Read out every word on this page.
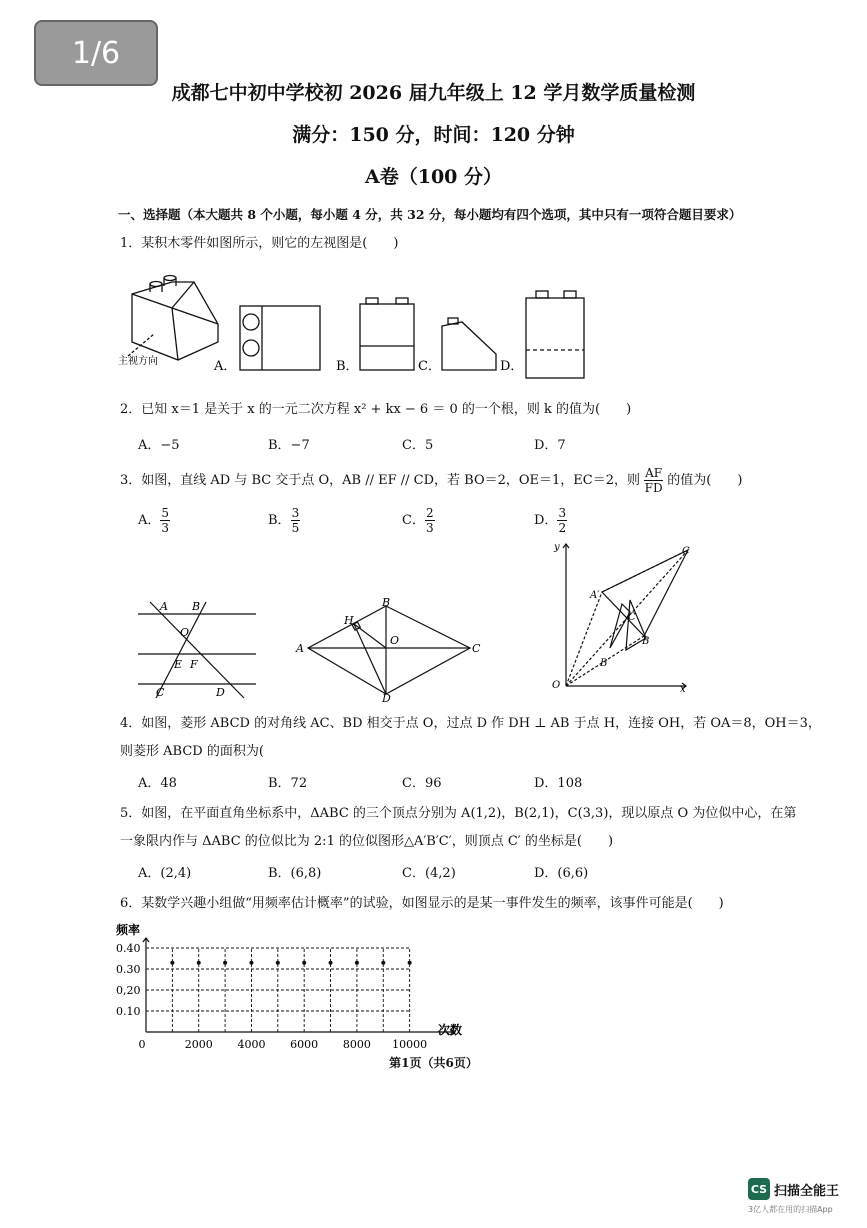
1/6
成都七中初中学校初 2026 届九年级上 12 学月数学质量检测
满分：150 分，时间：120 分钟
A卷（100 分）
一、选择题（本大题共 8 个小题，每小题 4 分，共 32 分，每小题均有四个选项，其中只有一项符合题目要求）
1．某积木零件如图所示，则它的左视图是(　　)
主视方向	A．	B．	C．	D．
2．已知 x＝1 是关于 x 的一元二次方程 x² + kx − 6 ＝ 0 的一个根，则 k 的值为(　　)
A．−5	B．−7	C．5	D．7
3．如图，直线 AD 与 BC 交于点 O，AB // EF // CD，若 BO＝2，OE＝1，EC＝2，则 $\frac{AF}{FD}$ 的值为(　　)
A． $\frac{5}{3}$	B． $\frac{3}{5}$	C． $\frac{2}{3}$	D． $\frac{3}{2}$
A B
O
E F
C	D
B
H
O
A	C
D
y	C
A′
C
B
B
O	x
4．如图，菱形 ABCD 的对角线 AC、BD 相交于点 O，过点 D 作 DH ⊥ AB 于点 H，连接 OH，若 OA＝8，OH＝3，
则菱形 ABCD 的面积为(
A．48	B．72	C．96	D．108
5．如图，在平面直角坐标系中，ΔABC 的三个顶点分别为 A(1,2)，B(2,1)，C(3,3)，现以原点 O 为位似中心，在第
一象限内作与 ΔABC 的位似比为 2:1 的位似图形△A′B′C′，则顶点 C′ 的坐标是(　　)
A．(2,4)	B．(6,8)	C．(4,2)	D．(6,6)
6．某数学兴趣小组做“用频率估计概率”的试验，如图显示的是某一事件发生的频率，该事件可能是(　　)
频率
次数
0.40
0.30
0,20
0.10
0	2000 4000 6000 8000 10000
第1页（共6页）
CS 扫描全能王
3亿人都在用的扫描App
